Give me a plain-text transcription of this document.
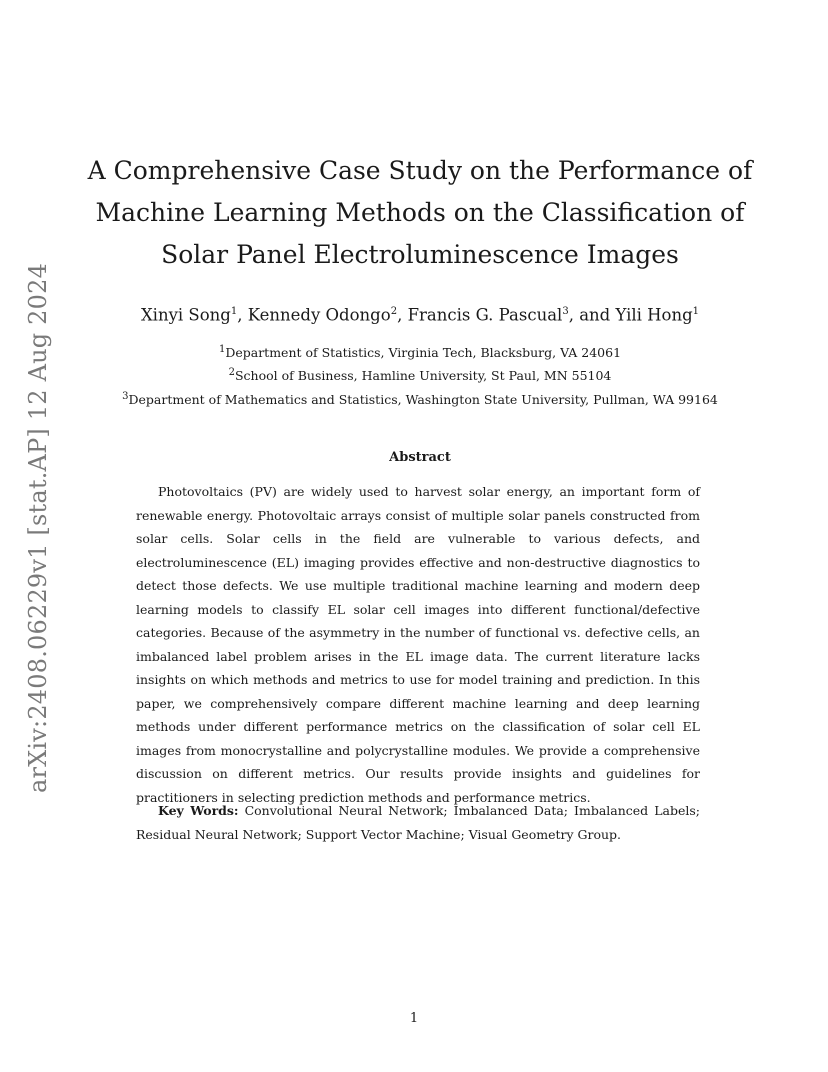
arXiv:2408.06229v1 [stat.AP] 12 Aug 2024
A Comprehensive Case Study on the Performance of Machine Learning Methods on the Classification of Solar Panel Electroluminescence Images
Xinyi Song$^1$, Kennedy Odongo$^2$, Francis G. Pascual$^3$, and Yili Hong$^1$
$^1$Department of Statistics, Virginia Tech, Blacksburg, VA 24061
$^2$School of Business, Hamline University, St Paul, MN 55104
$^3$Department of Mathematics and Statistics, Washington State University, Pullman, WA 99164
Abstract

Photovoltaics (PV) are widely used to harvest solar energy, an important form of renewable energy. Photovoltaic arrays consist of multiple solar panels constructed from solar cells. Solar cells in the field are vulnerable to various defects, and electroluminescence (EL) imaging provides effective and non-destructive diagnostics to detect those defects. We use multiple traditional machine learning and modern deep learning models to classify EL solar cell images into different functional/defective categories. Because of the asymmetry in the number of functional vs. defective cells, an imbalanced label problem arises in the EL image data. The current literature lacks insights on which methods and metrics to use for model training and prediction. In this paper, we comprehensively compare different machine learning and deep learning methods under different performance metrics on the classification of solar cell EL images from monocrystalline and polycrystalline modules. We provide a comprehensive discussion on different metrics. Our results provide insights and guidelines for practitioners in selecting prediction methods and performance metrics.

Key Words: Convolutional Neural Network; Imbalanced Data; Imbalanced Labels; Residual Neural Network; Support Vector Machine; Visual Geometry Group.

1
